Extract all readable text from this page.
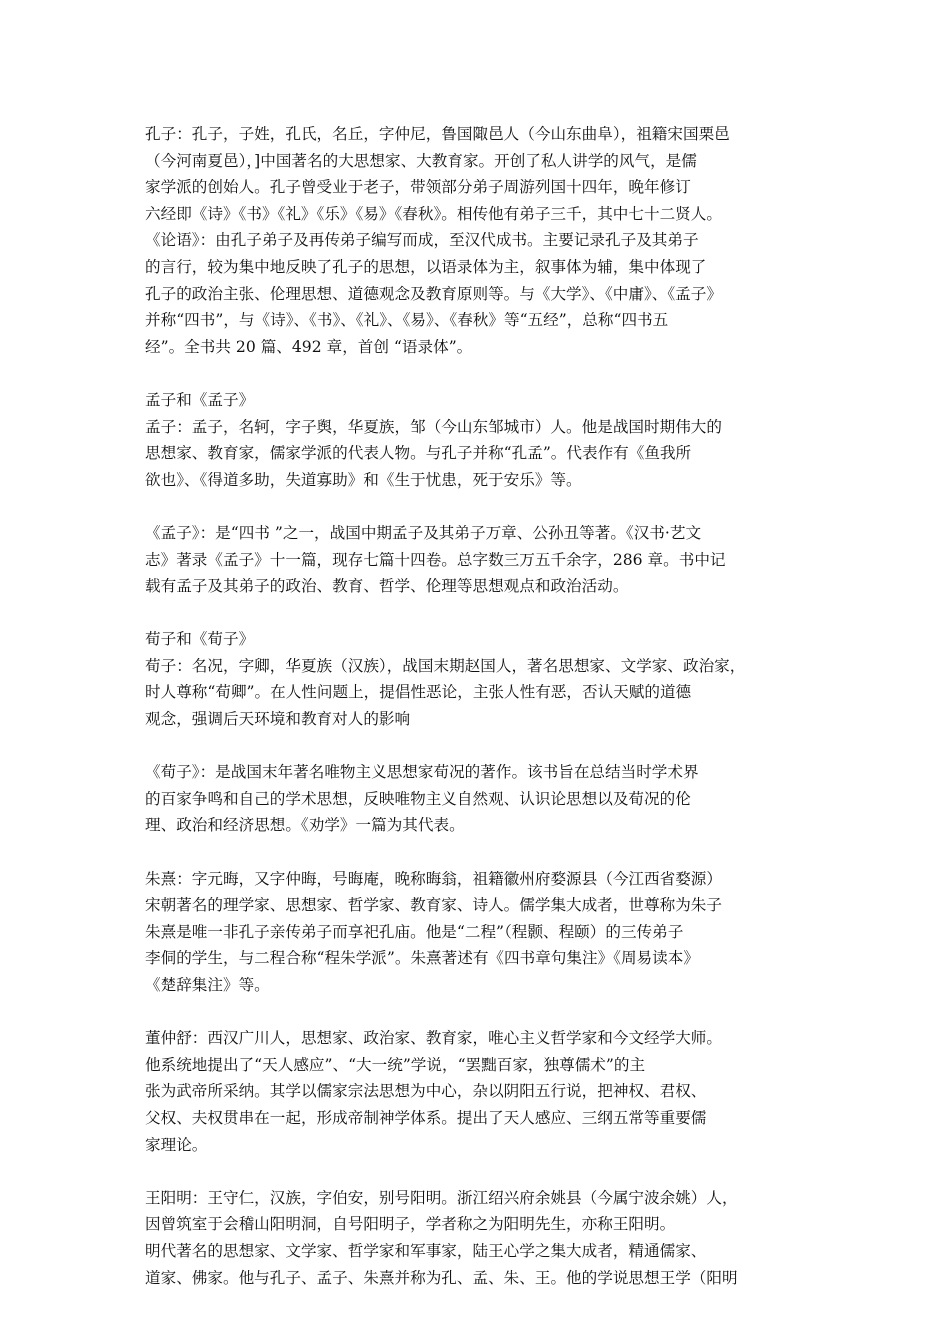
孔子：孔子，子姓，孔氏，名丘，字仲尼，鲁国陬邑人（今山东曲阜），祖籍宋国栗邑
（今河南夏邑），]中国著名的大思想家、大教育家。开创了私人讲学的风气，是儒
家学派的创始人。孔子曾受业于老子，带领部分弟子周游列国十四年，晚年修订
六经即《诗》《书》《礼》《乐》《易》《春秋》。相传他有弟子三千，其中七十二贤人。
《论语》：由孔子弟子及再传弟子编写而成，至汉代成书。主要记录孔子及其弟子
的言行，较为集中地反映了孔子的思想，以语录体为主，叙事体为辅，集中体现了
孔子的政治主张、伦理思想、道德观念及教育原则等。与《大学》、《中庸》、《孟子》
并称“四书”，与《诗》、《书》、《礼》、《易》、《春秋》等“五经”，总称“四书五
经”。全书共 20 篇、492 章，首创 “语录体”。
孟子和《孟子》
孟子：孟子，名轲，字子舆，华夏族，邹（今山东邹城市）人。他是战国时期伟大的
思想家、教育家，儒家学派的代表人物。与孔子并称“孔孟”。代表作有《鱼我所
欲也》、《得道多助，失道寡助》和《生于忧患，死于安乐》等。
《孟子》：是“四书 ”之一，战国中期孟子及其弟子万章、公孙丑等著。《汉书·艺文
志》著录《孟子》十一篇，现存七篇十四卷。总字数三万五千余字，286 章。书中记
载有孟子及其弟子的政治、教育、哲学、伦理等思想观点和政治活动。
荀子和《荀子》
荀子：名况，字卿，华夏族（汉族），战国末期赵国人，著名思想家、文学家、政治家，
时人尊称“荀卿”。在人性问题上，提倡性恶论，主张人性有恶，否认天赋的道德
观念，强调后天环境和教育对人的影响
《荀子》：是战国末年著名唯物主义思想家荀况的著作。该书旨在总结当时学术界
的百家争鸣和自己的学术思想，反映唯物主义自然观、认识论思想以及荀况的伦
理、政治和经济思想。《劝学》一篇为其代表。
朱熹：字元晦，又字仲晦，号晦庵，晚称晦翁，祖籍徽州府婺源县（今江西省婺源）
宋朝著名的理学家、思想家、哲学家、教育家、诗人。儒学集大成者，世尊称为朱子
朱熹是唯一非孔子亲传弟子而享祀孔庙。他是“二程”（程颢、程颐）的三传弟子
李侗的学生，与二程合称“程朱学派”。朱熹著述有《四书章句集注》《周易读本》
《楚辞集注》等。
董仲舒：西汉广川人，思想家、政治家、教育家，唯心主义哲学家和今文经学大师。
他系统地提出了“天人感应”、“大一统”学说，“罢黜百家，独尊儒术”的主
张为武帝所采纳。其学以儒家宗法思想为中心，杂以阴阳五行说，把神权、君权、
父权、夫权贯串在一起，形成帝制神学体系。提出了天人感应、三纲五常等重要儒
家理论。
王阳明：王守仁，汉族，字伯安，别号阳明。浙江绍兴府余姚县（今属宁波余姚）人，
因曾筑室于会稽山阳明洞，自号阳明子，学者称之为阳明先生，亦称王阳明。
明代著名的思想家、文学家、哲学家和军事家，陆王心学之集大成者，精通儒家、
道家、佛家。他与孔子、孟子、朱熹并称为孔、孟、朱、王。他的学说思想王学（阳明
